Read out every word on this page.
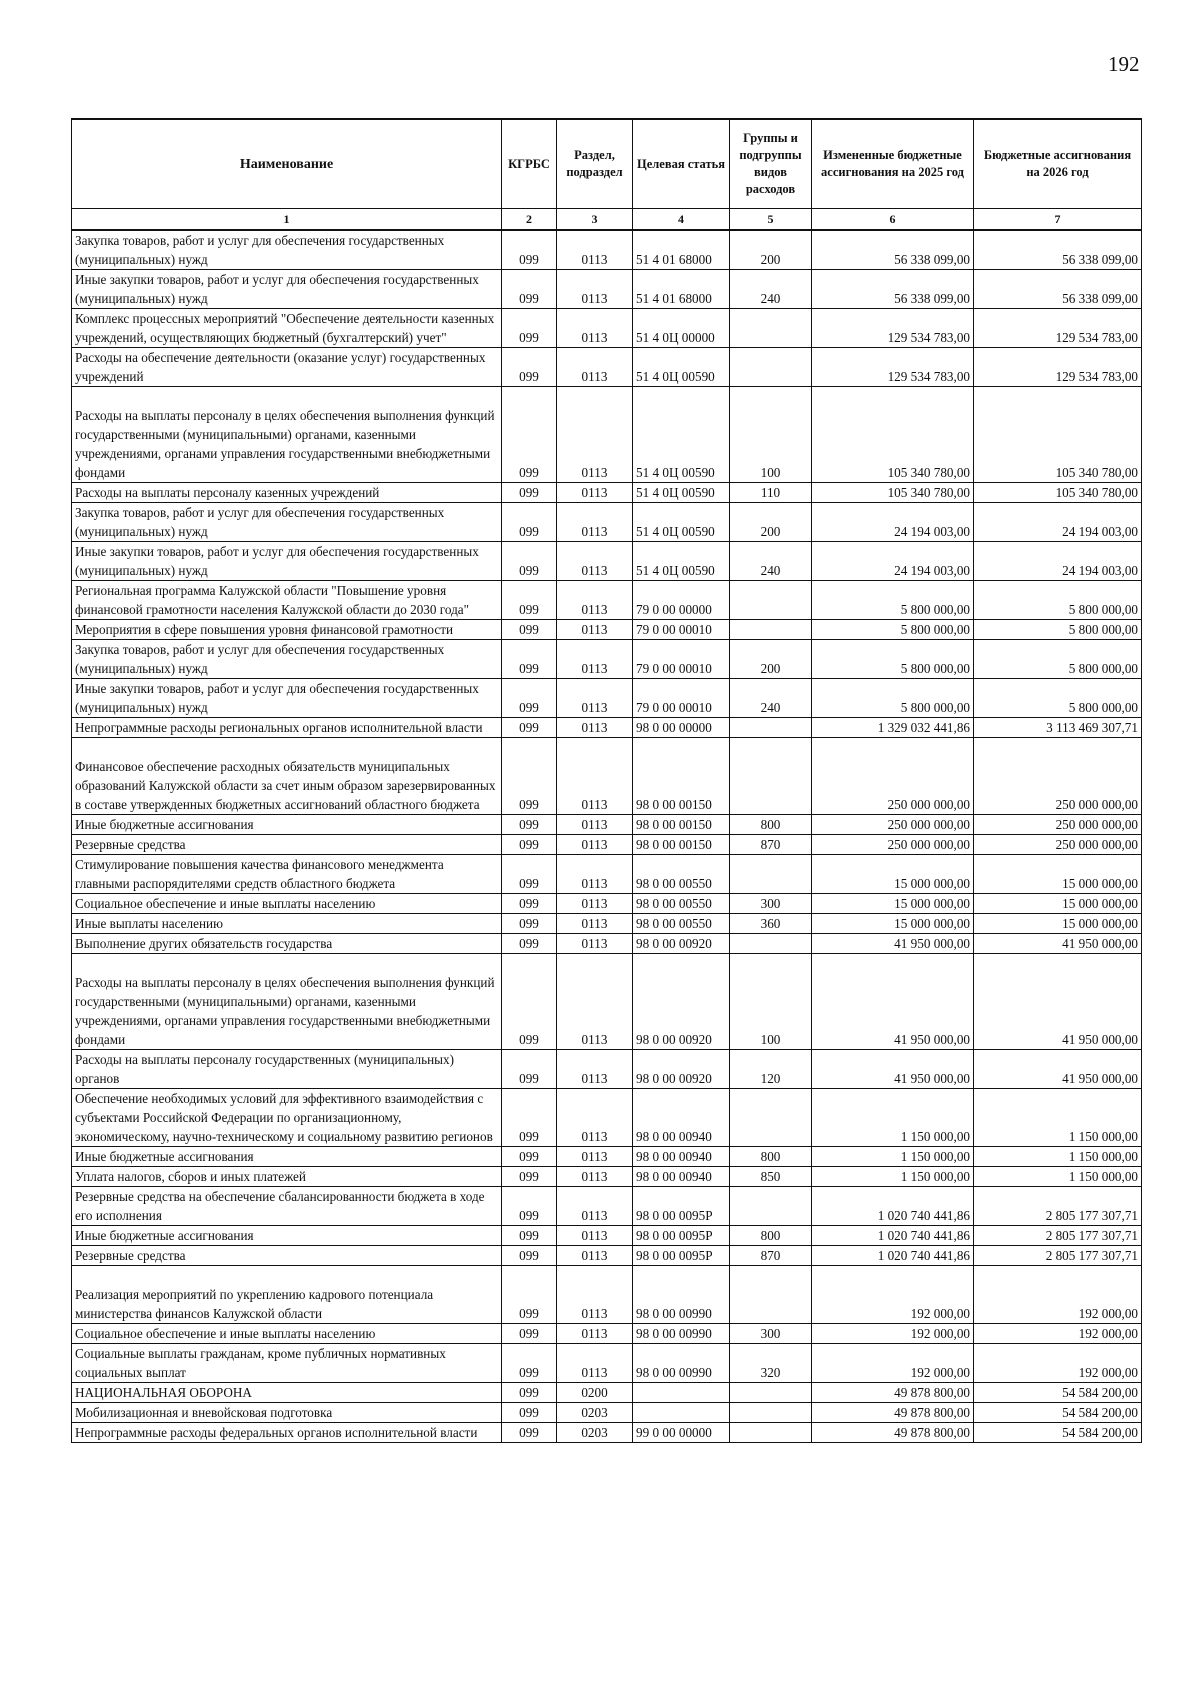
192
Наименование	КГРБС	Раздел, подраздел	Целевая статья	Группы и подгруппы видов расходов	Измененные бюджетные ассигнования на 2025 год	Бюджетные ассигнования на 2026 год
1	2	3	4	5	6	7
Закупка товаров, работ и услуг для обеспечения государственных (муниципальных) нужд	099	0113	51 4 01 68000	200	56 338 099,00	56 338 099,00
Иные закупки товаров, работ и услуг для обеспечения государственных (муниципальных) нужд	099	0113	51 4 01 68000	240	56 338 099,00	56 338 099,00
Комплекс процессных мероприятий "Обеспечение деятельности казенных учреждений, осуществляющих бюджетный (бухгалтерский) учет"	099	0113	51 4 0Ц 00000		129 534 783,00	129 534 783,00
Расходы на обеспечение деятельности (оказание услуг) государственных учреждений	099	0113	51 4 0Ц 00590		129 534 783,00	129 534 783,00
Расходы на выплаты персоналу в целях обеспечения выполнения функций государственными (муниципальными) органами, казенными учреждениями, органами управления государственными внебюджетными фондами	099	0113	51 4 0Ц 00590	100	105 340 780,00	105 340 780,00
Расходы на выплаты персоналу казенных учреждений	099	0113	51 4 0Ц 00590	110	105 340 780,00	105 340 780,00
Закупка товаров, работ и услуг для обеспечения государственных (муниципальных) нужд	099	0113	51 4 0Ц 00590	200	24 194 003,00	24 194 003,00
Иные закупки товаров, работ и услуг для обеспечения государственных (муниципальных) нужд	099	0113	51 4 0Ц 00590	240	24 194 003,00	24 194 003,00
Региональная программа Калужской области "Повышение уровня финансовой грамотности населения Калужской области до 2030 года"	099	0113	79 0 00 00000		5 800 000,00	5 800 000,00
Мероприятия в сфере повышения уровня финансовой грамотности	099	0113	79 0 00 00010		5 800 000,00	5 800 000,00
Закупка товаров, работ и услуг для обеспечения государственных (муниципальных) нужд	099	0113	79 0 00 00010	200	5 800 000,00	5 800 000,00
Иные закупки товаров, работ и услуг для обеспечения государственных (муниципальных) нужд	099	0113	79 0 00 00010	240	5 800 000,00	5 800 000,00
Непрограммные расходы региональных органов исполнительной власти	099	0113	98 0 00 00000		1 329 032 441,86	3 113 469 307,71
Финансовое обеспечение расходных обязательств муниципальных образований Калужской области за счет иным образом зарезервированных в составе утвержденных бюджетных ассигнований областного бюджета	099	0113	98 0 00 00150		250 000 000,00	250 000 000,00
Иные бюджетные ассигнования	099	0113	98 0 00 00150	800	250 000 000,00	250 000 000,00
Резервные средства	099	0113	98 0 00 00150	870	250 000 000,00	250 000 000,00
Стимулирование повышения качества финансового менеджмента главными распорядителями средств областного бюджета	099	0113	98 0 00 00550		15 000 000,00	15 000 000,00
Социальное обеспечение и иные выплаты населению	099	0113	98 0 00 00550	300	15 000 000,00	15 000 000,00
Иные выплаты населению	099	0113	98 0 00 00550	360	15 000 000,00	15 000 000,00
Выполнение других обязательств государства	099	0113	98 0 00 00920		41 950 000,00	41 950 000,00
Расходы на выплаты персоналу в целях обеспечения выполнения функций государственными (муниципальными) органами, казенными учреждениями, органами управления государственными внебюджетными фондами	099	0113	98 0 00 00920	100	41 950 000,00	41 950 000,00
Расходы на выплаты персоналу государственных (муниципальных) органов	099	0113	98 0 00 00920	120	41 950 000,00	41 950 000,00
Обеспечение необходимых условий для эффективного взаимодействия с субъектами Российской Федерации по организационному, экономическому, научно-техническому и социальному развитию регионов	099	0113	98 0 00 00940		1 150 000,00	1 150 000,00
Иные бюджетные ассигнования	099	0113	98 0 00 00940	800	1 150 000,00	1 150 000,00
Уплата налогов, сборов и иных платежей	099	0113	98 0 00 00940	850	1 150 000,00	1 150 000,00
Резервные средства на обеспечение сбалансированности бюджета в ходе его исполнения	099	0113	98 0 00 0095Р		1 020 740 441,86	2 805 177 307,71
Иные бюджетные ассигнования	099	0113	98 0 00 0095Р	800	1 020 740 441,86	2 805 177 307,71
Резервные средства	099	0113	98 0 00 0095Р	870	1 020 740 441,86	2 805 177 307,71
Реализация мероприятий по укреплению кадрового потенциала министерства финансов Калужской области	099	0113	98 0 00 00990		192 000,00	192 000,00
Социальное обеспечение и иные выплаты населению	099	0113	98 0 00 00990	300	192 000,00	192 000,00
Социальные выплаты гражданам, кроме публичных нормативных социальных выплат	099	0113	98 0 00 00990	320	192 000,00	192 000,00
НАЦИОНАЛЬНАЯ ОБОРОНА	099	0200			49 878 800,00	54 584 200,00
Мобилизационная и вневойсковая подготовка	099	0203			49 878 800,00	54 584 200,00
Непрограммные расходы федеральных органов исполнительной власти	099	0203	99 0 00 00000		49 878 800,00	54 584 200,00
